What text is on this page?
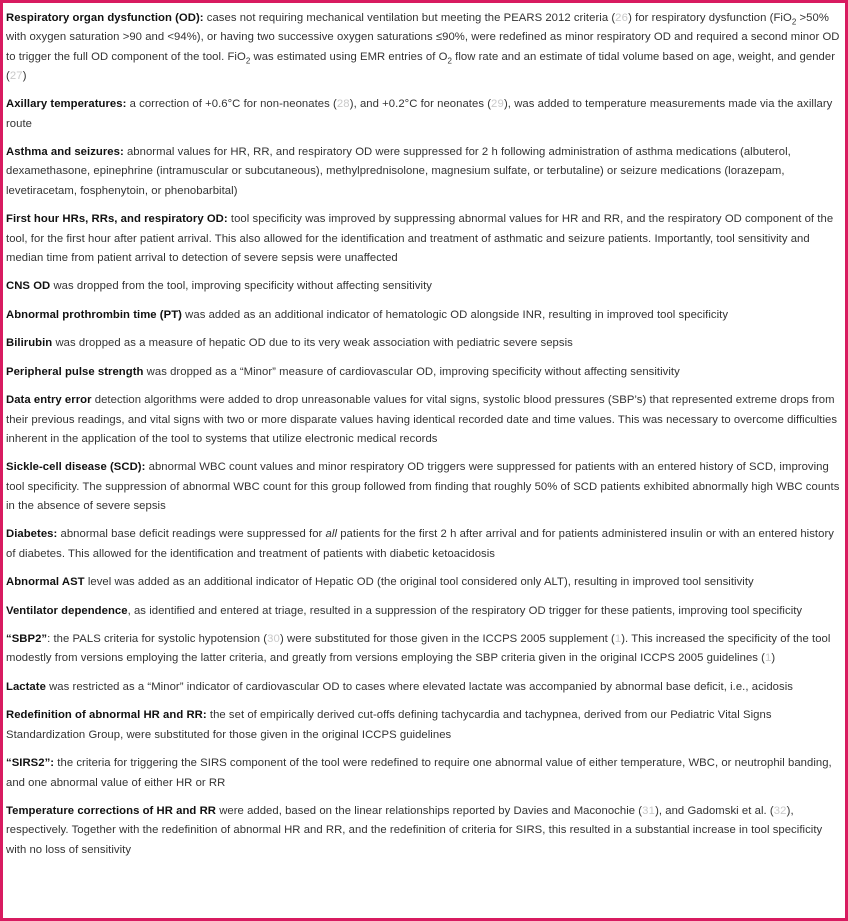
Respiratory organ dysfunction (OD): cases not requiring mechanical ventilation but meeting the PEARS 2012 criteria (26) for respiratory dysfunction (FiO$_2$ >50% with oxygen saturation >90 and <94%), or having two successive oxygen saturations ≤90%, were redefined as minor respiratory OD and required a second minor OD to trigger the full OD component of the tool. FiO$_2$ was estimated using EMR entries of $O_2$ flow rate and an estimate of tidal volume based on age, weight, and gender (27)

Axillary temperatures: a correction of +0.6°C for non-neonates (28), and +0.2°C for neonates (29), was added to temperature measurements made via the axillary route

Asthma and seizures: abnormal values for HR, RR, and respiratory OD were suppressed for 2 h following administration of asthma medications (albuterol, dexamethasone, epinephrine (intramuscular or subcutaneous), methylprednisolone, magnesium sulfate, or terbutaline) or seizure medications (lorazepam, levetiracetam, fosphenytoin, or phenobarbital)

First hour HRs, RRs, and respiratory OD: tool specificity was improved by suppressing abnormal values for HR and RR, and the respiratory OD component of the tool, for the first hour after patient arrival. This also allowed for the identification and treatment of asthmatic and seizure patients. Importantly, tool sensitivity and median time from patient arrival to detection of severe sepsis were unaffected

CNS OD was dropped from the tool, improving specificity without affecting sensitivity

Abnormal prothrombin time (PT) was added as an additional indicator of hematologic OD alongside INR, resulting in improved tool specificity

Bilirubin was dropped as a measure of hepatic OD due to its very weak association with pediatric severe sepsis

Peripheral pulse strength was dropped as a “Minor” measure of cardiovascular OD, improving specificity without affecting sensitivity

Data entry error detection algorithms were added to drop unreasonable values for vital signs, systolic blood pressures (SBP’s) that represented extreme drops from their previous readings, and vital signs with two or more disparate values having identical recorded date and time values. This was necessary to overcome difficulties inherent in the application of the tool to systems that utilize electronic medical records

Sickle-cell disease (SCD): abnormal WBC count values and minor respiratory OD triggers were suppressed for patients with an entered history of SCD, improving tool specificity. The suppression of abnormal WBC count for this group followed from finding that roughly 50% of SCD patients exhibited abnormally high WBC counts in the absence of severe sepsis

Diabetes: abnormal base deficit readings were suppressed for all patients for the first 2 h after arrival and for patients administered insulin or with an entered history of diabetes. This allowed for the identification and treatment of patients with diabetic ketoacidosis

Abnormal AST level was added as an additional indicator of Hepatic OD (the original tool considered only ALT), resulting in improved tool sensitivity

Ventilator dependence, as identified and entered at triage, resulted in a suppression of the respiratory OD trigger for these patients, improving tool specificity

“SBP2”: the PALS criteria for systolic hypotension (30) were substituted for those given in the ICCPS 2005 supplement (1). This increased the specificity of the tool modestly from versions employing the latter criteria, and greatly from versions employing the SBP criteria given in the original ICCPS 2005 guidelines (1)

Lactate was restricted as a “Minor” indicator of cardiovascular OD to cases where elevated lactate was accompanied by abnormal base deficit, i.e., acidosis

Redefinition of abnormal HR and RR: the set of empirically derived cut-offs defining tachycardia and tachypnea, derived from our Pediatric Vital Signs Standardization Group, were substituted for those given in the original ICCPS guidelines

“SIRS2”: the criteria for triggering the SIRS component of the tool were redefined to require one abnormal value of either temperature, WBC, or neutrophil banding, and one abnormal value of either HR or RR

Temperature corrections of HR and RR were added, based on the linear relationships reported by Davies and Maconochie (31), and Gadomski et al. (32), respectively. Together with the redefinition of abnormal HR and RR, and the redefinition of criteria for SIRS, this resulted in a substantial increase in tool specificity with no loss of sensitivity
